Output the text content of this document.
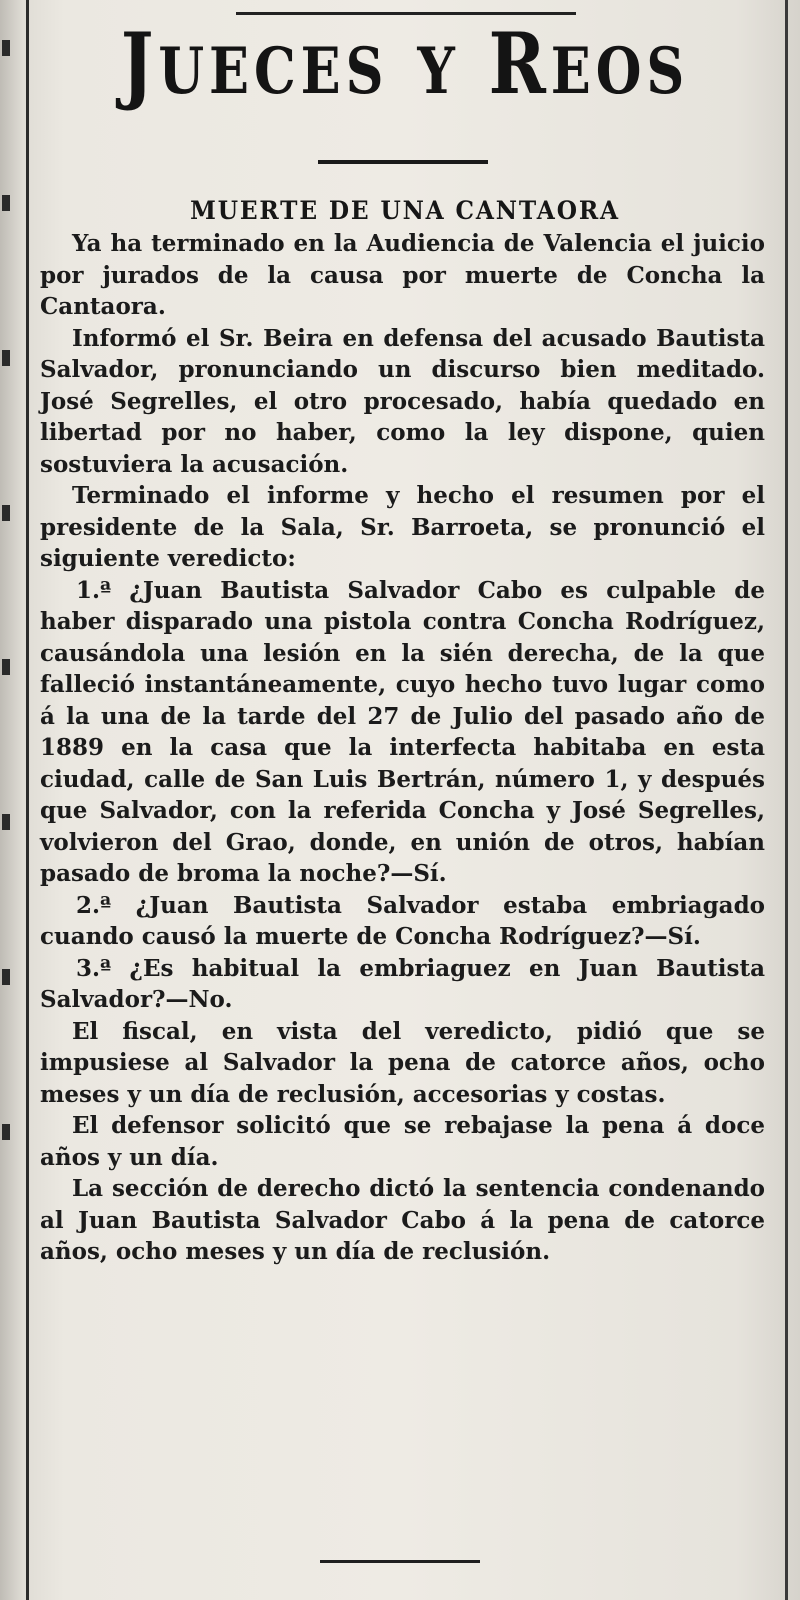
JUECES Y REOS
MUERTE DE UNA CANTAORA

Ya ha terminado en la Audiencia de Valencia el juicio por jurados de la causa por muerte de Concha la Cantaora.

Informó el Sr. Beira en defensa del acusado Bautista Salvador, pronunciando un discurso bien meditado. José Segrelles, el otro procesado, había quedado en libertad por no haber, como la ley dispone, quien sostuviera la acusación.

Terminado el informe y hecho el resumen por el presidente de la Sala, Sr. Barroeta, se pronunció el siguiente veredicto:

1.ª ¿Juan Bautista Salvador Cabo es culpable de haber disparado una pistola contra Concha Rodríguez, causándola una lesión en la sién derecha, de la que falleció instantáneamente, cuyo hecho tuvo lugar como á la una de la tarde del 27 de Julio del pasado año de 1889 en la casa que la interfecta habitaba en esta ciudad, calle de San Luis Bertrán, número 1, y después que Salvador, con la referida Concha y José Segrelles, volvieron del Grao, donde, en unión de otros, habían pasado de broma la noche?—Sí.

2.ª ¿Juan Bautista Salvador estaba embriagado cuando causó la muerte de Concha Rodríguez?—Sí.

3.ª ¿Es habitual la embriaguez en Juan Bautista Salvador?—No.

El fiscal, en vista del veredicto, pidió que se impusiese al Salvador la pena de catorce años, ocho meses y un día de reclusión, accesorias y costas.

El defensor solicitó que se rebajase la pena á doce años y un día.

La sección de derecho dictó la sentencia condenando al Juan Bautista Salvador Cabo á la pena de catorce años, ocho meses y un día de reclusión.
